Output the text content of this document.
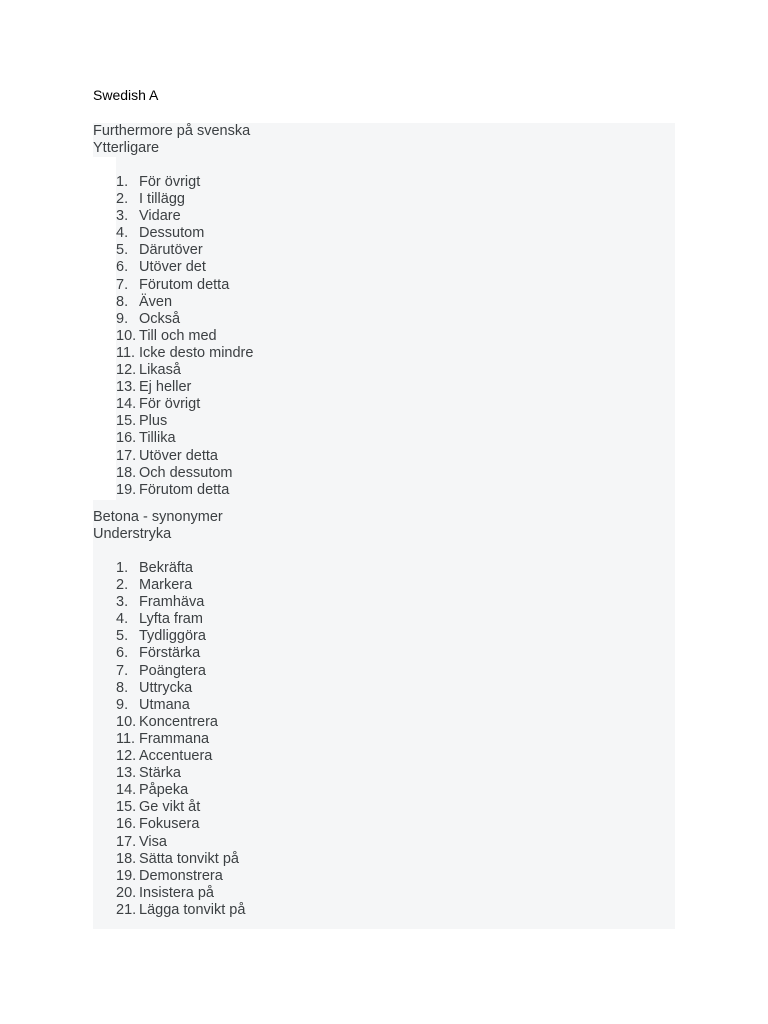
Swedish A
Furthermore på svenska
Ytterligare
1. För övrigt
2. I tillägg
3. Vidare
4. Dessutom
5. Därutöver
6. Utöver det
7. Förutom detta
8. Även
9. Också
10. Till och med
11. Icke desto mindre
12. Likaså
13. Ej heller
14. För övrigt
15. Plus
16. Tillika
17. Utöver detta
18. Och dessutom
19. Förutom detta
Betona - synonymer
Understryka
1. Bekräfta
2. Markera
3. Framhäva
4. Lyfta fram
5. Tydliggöra
6. Förstärka
7. Poängtera
8. Uttrycka
9. Utmana
10. Koncentrera
11. Frammana
12. Accentuera
13. Stärka
14. Påpeka
15. Ge vikt åt
16. Fokusera
17. Visa
18. Sätta tonvikt på
19. Demonstrera
20. Insistera på
21. Lägga tonvikt på
